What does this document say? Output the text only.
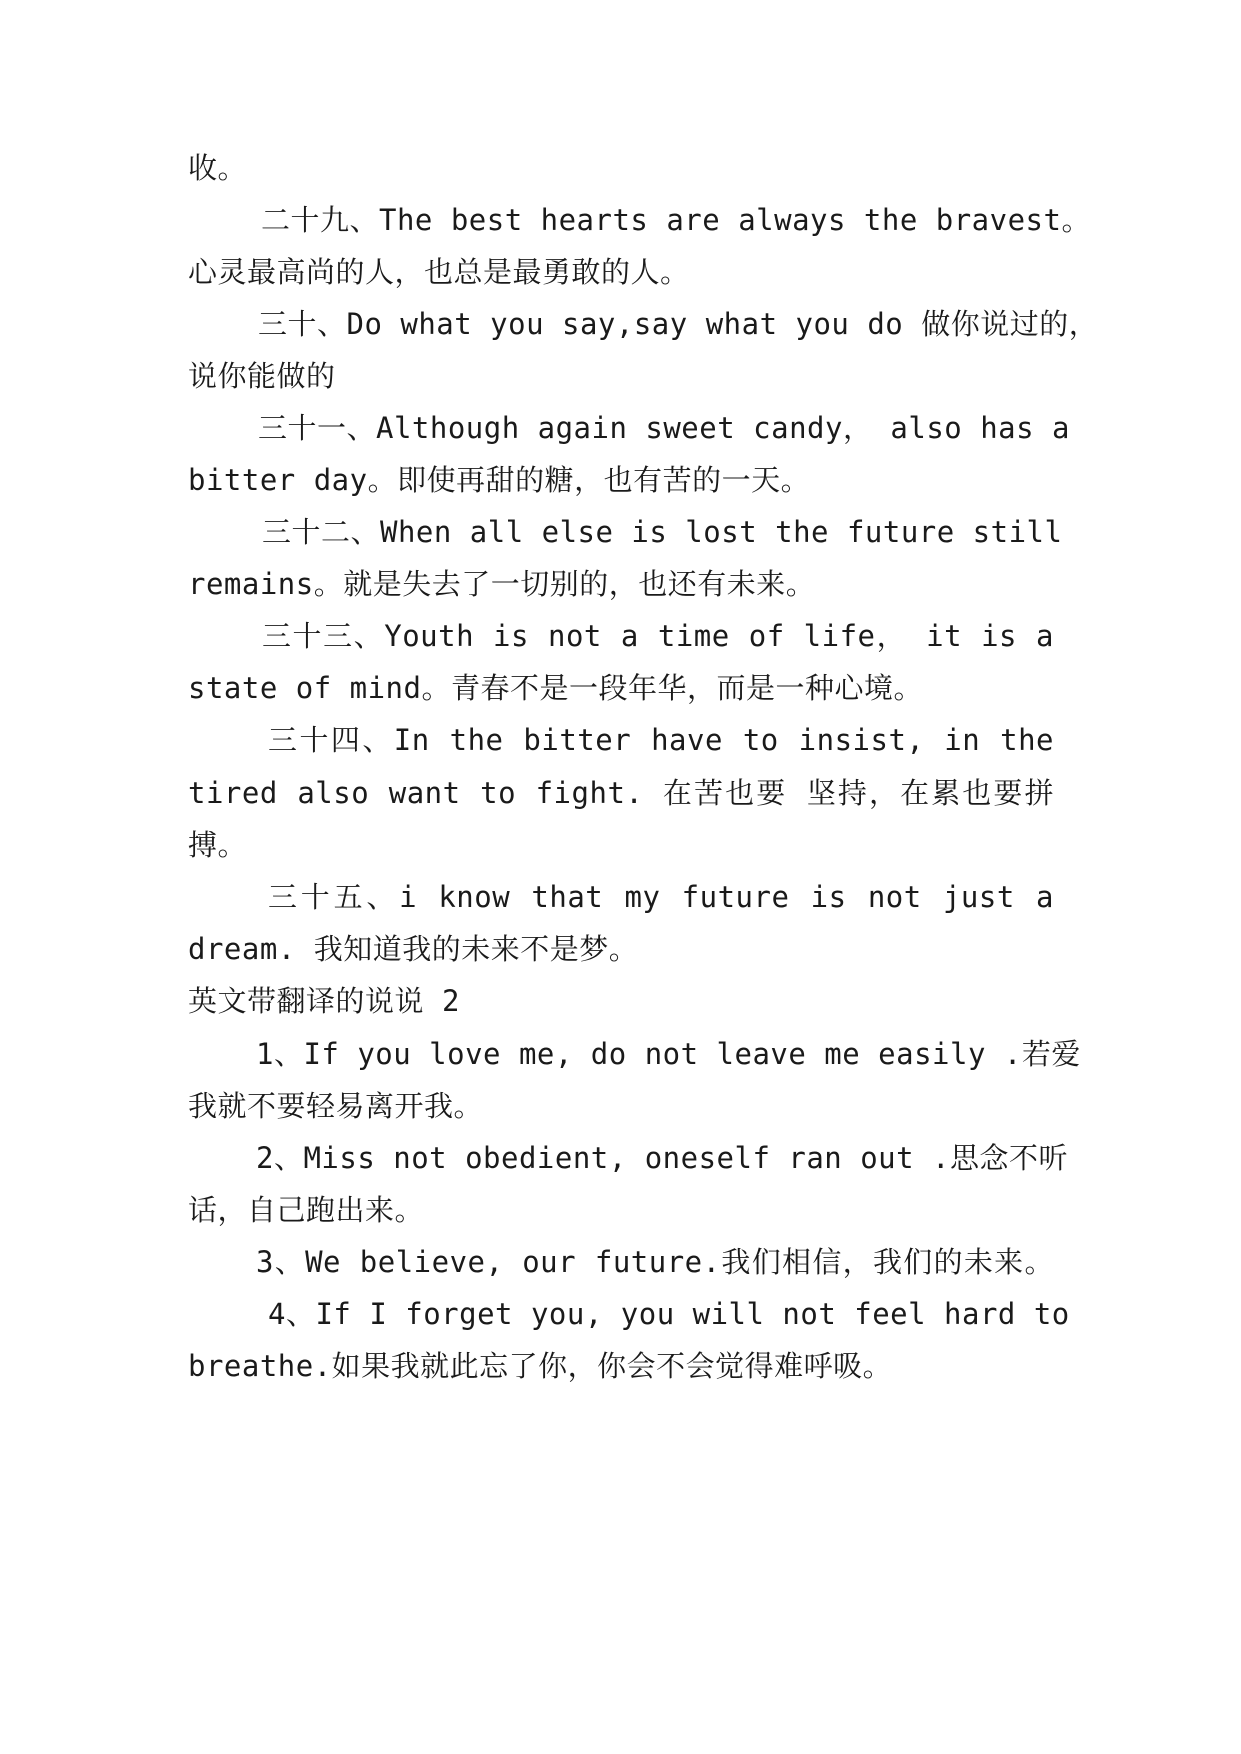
收。
二十九、The best hearts are always the bravest。
心灵最高尚的人，也总是最勇敢的人。
三十、Do what you say,say what you do 做你说过的，
说你能做的
三十一、Although again sweet candy， also has a
bitter day。即使再甜的糖，也有苦的一天。
三十二、When all else is lost the future still
remains。就是失去了一切别的，也还有未来。
三十三、Youth is not a time of life， it is a
state of mind。青春不是一段年华，而是一种心境。
三十四、In the bitter have to insist, in the
tired also want to fight. 在苦也要 坚持，在累也要拼
搏。
三十五、i know that my future is not just a
dream. 我知道我的未来不是梦。
英文带翻译的说说 2
1、If you love me, do not leave me easily .若爱
我就不要轻易离开我。
2、Miss not obedient, oneself ran out .思念不听
话，自己跑出来。
3、We believe, our future.我们相信，我们的未来。
4、If I forget you, you will not feel hard to
breathe.如果我就此忘了你，你会不会觉得难呼吸。
